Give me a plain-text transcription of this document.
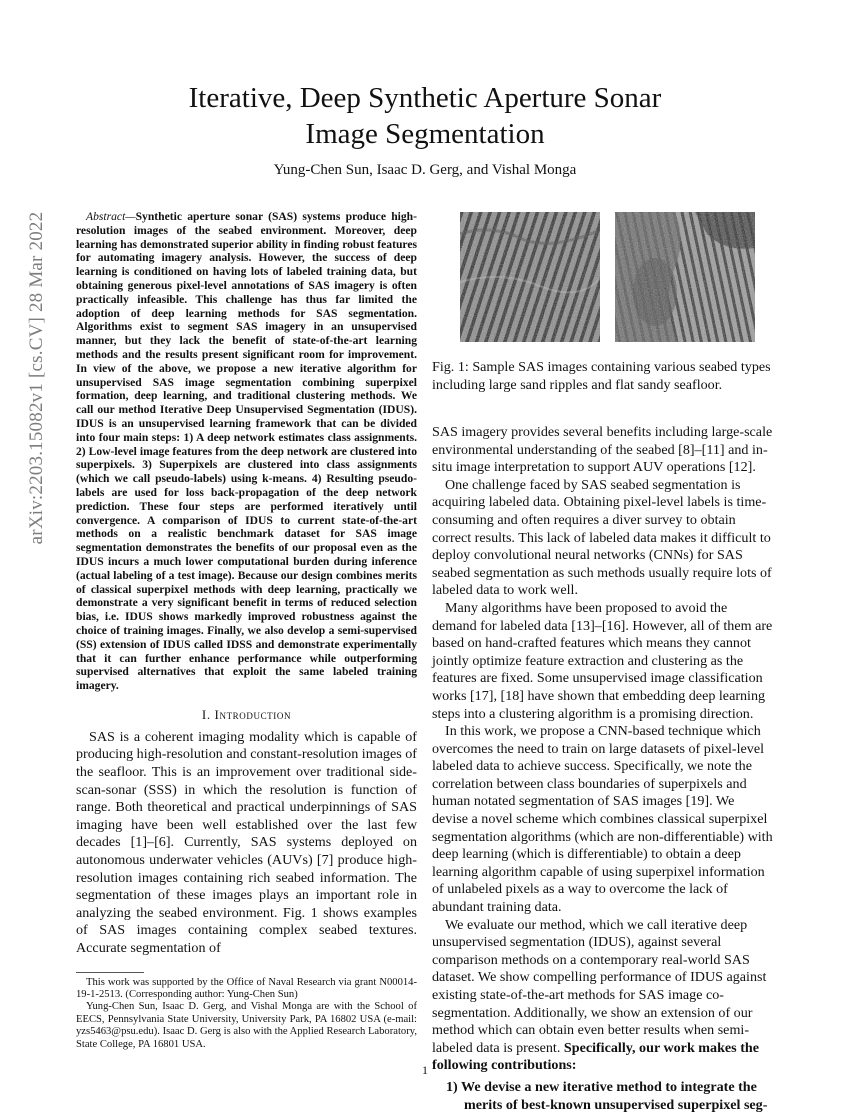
arXiv:2203.15082v1 [cs.CV] 28 Mar 2022
Iterative, Deep Synthetic Aperture Sonar
Image Segmentation
Yung-Chen Sun, Isaac D. Gerg, and Vishal Monga

Abstract—Synthetic aperture sonar (SAS) systems produce high-resolution images of the seabed environment. Moreover, deep learning has demonstrated superior ability in finding robust features for automating imagery analysis. However, the success of deep learning is conditioned on having lots of labeled training data, but obtaining generous pixel-level annotations of SAS imagery is often practically infeasible. This challenge has thus far limited the adoption of deep learning methods for SAS segmentation. Algorithms exist to segment SAS imagery in an unsupervised manner, but they lack the benefit of state-of-the-art learning methods and the results present significant room for improvement. In view of the above, we propose a new iterative algorithm for unsupervised SAS image segmentation combining superpixel formation, deep learning, and traditional clustering methods. We call our method Iterative Deep Unsupervised Segmentation (IDUS). IDUS is an unsupervised learning framework that can be divided into four main steps: 1) A deep network estimates class assignments. 2) Low-level image features from the deep network are clustered into superpixels. 3) Superpixels are clustered into class assignments (which we call pseudo-labels) using k-means. 4) Resulting pseudo-labels are used for loss back-propagation of the deep network prediction. These four steps are performed iteratively until convergence. A comparison of IDUS to current state-of-the-art methods on a realistic benchmark dataset for SAS image segmentation demonstrates the benefits of our proposal even as the IDUS incurs a much lower computational burden during inference (actual labeling of a test image). Because our design combines merits of classical superpixel methods with deep learning, practically we demonstrate a very significant benefit in terms of reduced selection bias, i.e. IDUS shows markedly improved robustness against the choice of training images. Finally, we also develop a semi-supervised (SS) extension of IDUS called IDSS and demonstrate experimentally that it can further enhance performance while outperforming supervised alternatives that exploit the same labeled training imagery.

I. Introduction

SAS is a coherent imaging modality which is capable of producing high-resolution and constant-resolution images of the seafloor. This is an improvement over traditional side-scan-sonar (SSS) in which the resolution is function of range. Both theoretical and practical underpinnings of SAS imaging have been well established over the last few decades [1]–[6]. Currently, SAS systems deployed on autonomous underwater vehicles (AUVs) [7] produce high-resolution images containing rich seabed information. The segmentation of these images plays an important role in analyzing the seabed environment. Fig. 1 shows examples of SAS images containing complex seabed textures. Accurate segmentation of

This work was supported by the Office of Naval Research via grant N00014-19-1-2513. (Corresponding author: Yung-Chen Sun)

Yung-Chen Sun, Isaac D. Gerg, and Vishal Monga are with the School of EECS, Pennsylvania State University, University Park, PA 16802 USA (e-mail: yzs5463@psu.edu). Isaac D. Gerg is also with the Applied Research Laboratory, State College, PA 16801 USA.

Fig. 1: Sample SAS images containing various seabed types including large sand ripples and flat sandy seafloor.

SAS imagery provides several benefits including large-scale environmental understanding of the seabed [8]–[11] and in-situ image interpretation to support AUV operations [12].

One challenge faced by SAS seabed segmentation is acquiring labeled data. Obtaining pixel-level labels is time-consuming and often requires a diver survey to obtain correct results. This lack of labeled data makes it difficult to deploy convolutional neural networks (CNNs) for SAS seabed segmentation as such methods usually require lots of labeled data to work well.

Many algorithms have been proposed to avoid the demand for labeled data [13]–[16]. However, all of them are based on hand-crafted features which means they cannot jointly optimize feature extraction and clustering as the features are fixed. Some unsupervised image classification works [17], [18] have shown that embedding deep learning steps into a clustering algorithm is a promising direction.

In this work, we propose a CNN-based technique which overcomes the need to train on large datasets of pixel-level labeled data to achieve success. Specifically, we note the correlation between class boundaries of superpixels and human notated segmentation of SAS images [19]. We devise a novel scheme which combines classical superpixel segmentation algorithms (which are non-differentiable) with deep learning (which is differentiable) to obtain a deep learning algorithm capable of using superpixel information of unlabeled pixels as a way to overcome the lack of abundant training data.

We evaluate our method, which we call iterative deep unsupervised segmentation (IDUS), against several comparison methods on a contemporary real-world SAS dataset. We show compelling performance of IDUS against existing state-of-the-art methods for SAS image co-segmentation. Additionally, we show an extension of our method which can obtain even better results when semi-labeled data is present. Specifically, our work makes the following contributions:

1) We devise a new iterative method to integrate the merits of best-known unsupervised superpixel seg-

1
